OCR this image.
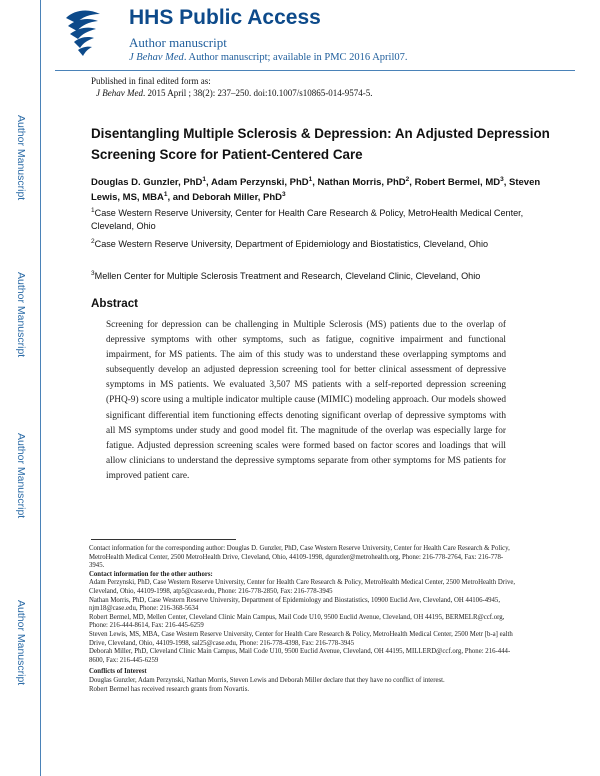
Author Manuscript
Author Manuscript
Author Manuscript
Author Manuscript
HHS Public Access
Author manuscript
J Behav Med. Author manuscript; available in PMC 2016 April07.
Published in final edited form as:
J Behav Med. 2015 April ; 38(2): 237–250. doi:10.1007/s10865-014-9574-5.
Disentangling Multiple Sclerosis & Depression: An Adjusted Depression Screening Score for Patient-Centered Care
Douglas D. Gunzler, PhD$^1$, Adam Perzynski, PhD$^1$, Nathan Morris, PhD$^2$, Robert Bermel, $MD^3$, Steven Lewis, MS, MBA$^1$, and Deborah Miller, PhD$^3$
$^1$Case Western Reserve University, Center for Health Care Research & Policy, MetroHealth Medical Center, Cleveland, Ohio
$^2$Case Western Reserve University, Department of Epidemiology and Biostatistics, Cleveland, Ohio
$^3$Mellen Center for Multiple Sclerosis Treatment and Research, Cleveland Clinic, Cleveland, Ohio
Abstract
Screening for depression can be challenging in Multiple Sclerosis (MS) patients due to the overlap of depressive symptoms with other symptoms, such as fatigue, cognitive impairment and functional impairment, for MS patients. The aim of this study was to understand these overlapping symptoms and subsequently develop an adjusted depression screening tool for better clinical assessment of depressive symptoms in MS patients. We evaluated 3,507 MS patients with a self-reported depression screening (PHQ-9) score using a multiple indicator multiple cause (MIMIC) modeling approach. Our models showed significant differential item functioning effects denoting significant overlap of depressive symptoms with all MS symptoms under study and good model fit. The magnitude of the overlap was especially large for fatigue. Adjusted depression screening scales were formed based on factor scores and loadings that will allow clinicians to understand the depressive symptoms separate from other symptoms for MS patients for improved patient care.

Contact information for the corresponding author: Douglas D. Gunzler, PhD, Case Western Reserve University, Center for Health Care Research & Policy, MetroHealth Medical Center, 2500 MetroHealth Drive, Cleveland, Ohio, 44109-1998, dgunzler@metrohealth.org, Phone: 216-778-2764, Fax: 216-778-3945.

Contact information for the other authors:

Adam Perzynski, PhD, Case Western Reserve University, Center for Health Care Research & Policy, MetroHealth Medical Center, 2500 MetroHealth Drive, Cleveland, Ohio, 44109-1998, atp5@case.edu, Phone: 216-778-2850, Fax: 216-778-3945

Nathan Morris, PhD, Case Western Reserve University, Department of Epidemiology and Biostatistics, 10900 Euclid Ave, Cleveland, OH 44106-4945, njm18@case.edu, Phone: 216-368-5634

Robert Bermel, MD, Mellen Center, Cleveland Clinic Main Campus, Mail Code U10, 9500 Euclid Avenue, Cleveland, OH 44195, BERMELR@ccf.org, Phone: 216-444-8614, Fax: 216-445-6259

Steven Lewis, MS, MBA, Case Western Reserve University, Center for Health Care Research & Policy, MetroHealth Medical Center, 2500 Metr [b-a] ealth Drive, Cleveland, Ohio, 44109-1998, sal25@case.edu, Phone: 216-778-4398, Fax: 216-778-3945

Deborah Miller, PhD, Cleveland Clinic Main Campus, Mail Code U10, 9500 Euclid Avenue, Cleveland, OH 44195, MILLERD@ccf.org, Phone: 216-444-8600, Fax: 216-445-6259

Conflicts of Interest

Douglas Gunzler, Adam Perzynski, Nathan Morris, Steven Lewis and Deborah Miller declare that they have no conflict of interest.

Robert Bermel has received research grants from Novartis.
